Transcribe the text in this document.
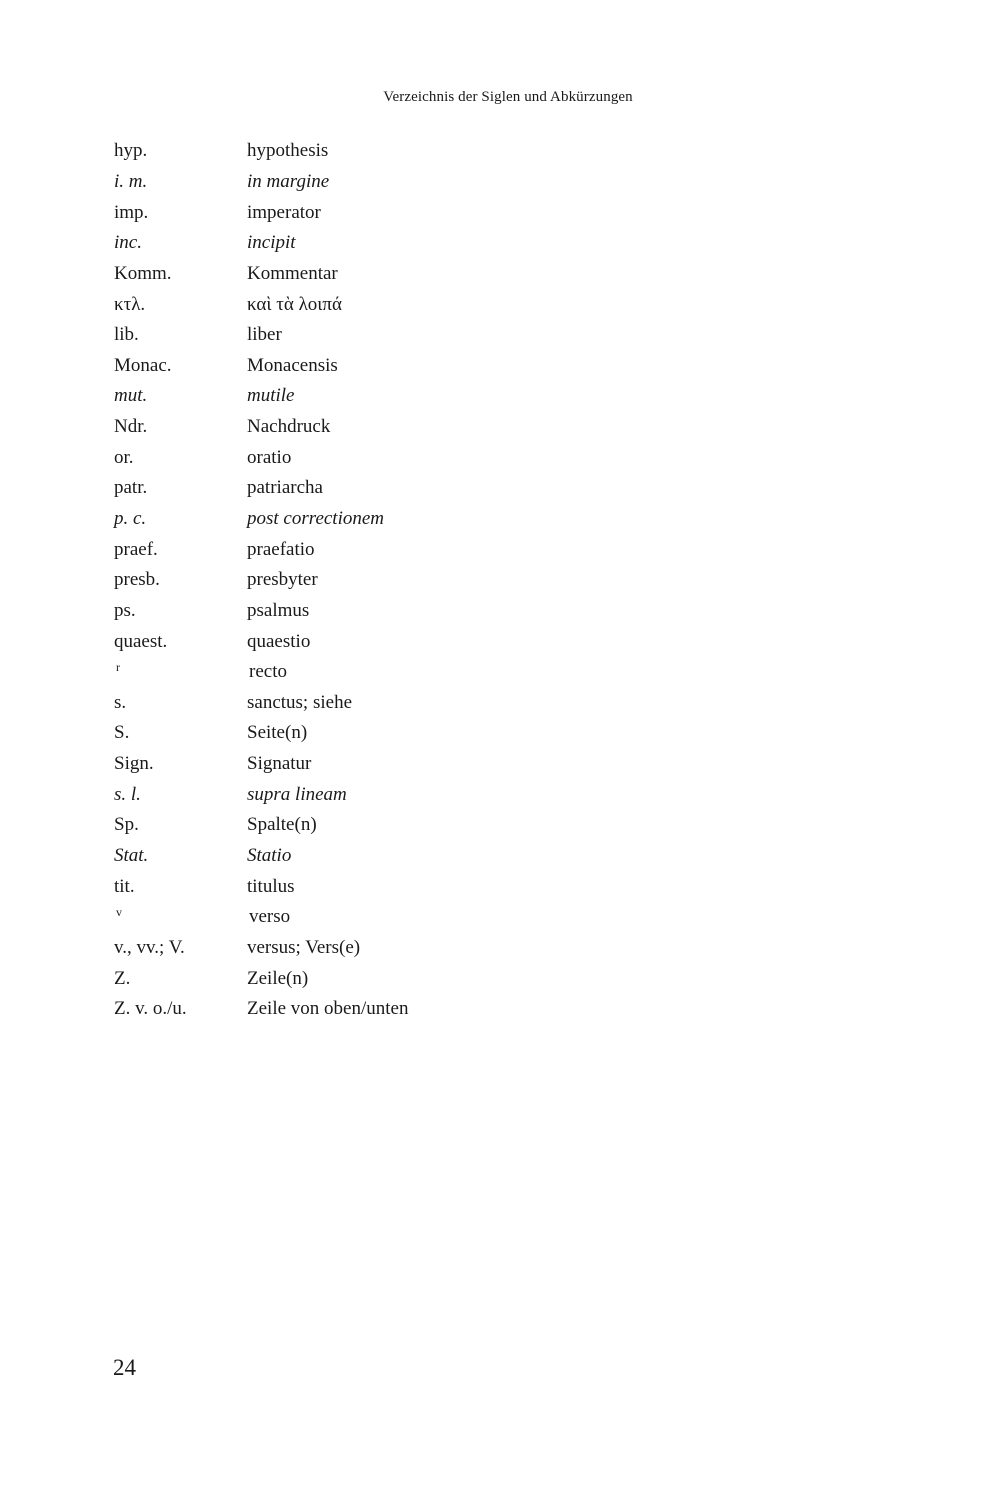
Verzeichnis der Siglen und Abkürzungen
hyp.	hypothesis
i. m.	in margine
imp.	imperator
inc.	incipit
Komm.	Kommentar
κτλ.	καὶ τὰ λοιπά
lib.	liber
Monac.	Monacensis
mut.	mutile
Ndr.	Nachdruck
or.	oratio
patr.	patriarcha
p. c.	post correctionem
praef.	praefatio
presb.	presbyter
ps.	psalmus
quaest.	quaestio
r	recto
s.	sanctus; siehe
S.	Seite(n)
Sign.	Signatur
s. l.	supra lineam
Sp.	Spalte(n)
Stat.	Statio
tit.	titulus
v	verso
v., vv.; V.	versus; Vers(e)
Z.	Zeile(n)
Z. v. o./u.	Zeile von oben/unten
24
